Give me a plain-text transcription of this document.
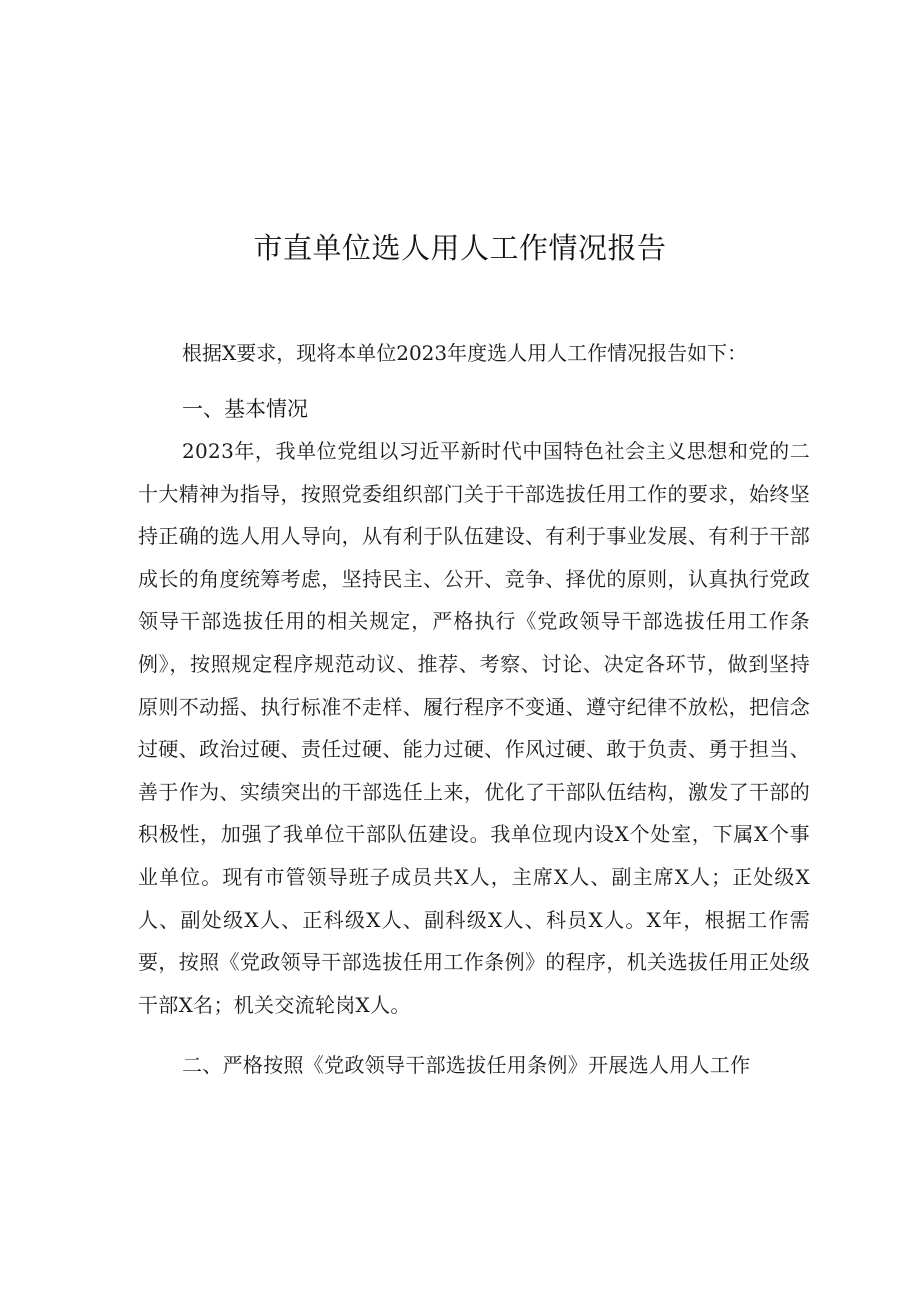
市直单位选人用人工作情况报告

根据X要求，现将本单位2023年度选人用人工作情况报告如下：

一、基本情况

2023年，我单位党组以习近平新时代中国特色社会主义思想和党的二十大精神为指导，按照党委组织部门关于干部选拔任用工作的要求，始终坚持正确的选人用人导向，从有利于队伍建设、有利于事业发展、有利于干部成长的角度统筹考虑，坚持民主、公开、竞争、择优的原则，认真执行党政领导干部选拔任用的相关规定，严格执行《党政领导干部选拔任用工作条例》，按照规定程序规范动议、推荐、考察、讨论、决定各环节，做到坚持原则不动摇、执行标准不走样、履行程序不变通、遵守纪律不放松，把信念过硬、政治过硬、责任过硬、能力过硬、作风过硬、敢于负责、勇于担当、善于作为、实绩突出的干部选任上来，优化了干部队伍结构，激发了干部的积极性，加强了我单位干部队伍建设。我单位现内设X个处室，下属X个事业单位。现有市管领导班子成员共X人，主席X人、副主席X人；正处级X人、副处级X人、正科级X人、副科级X人、科员X人。X年，根据工作需要，按照《党政领导干部选拔任用工作条例》的程序，机关选拔任用正处级干部X名；机关交流轮岗X人。

二、严格按照《党政领导干部选拔任用条例》开展选人用人工作
